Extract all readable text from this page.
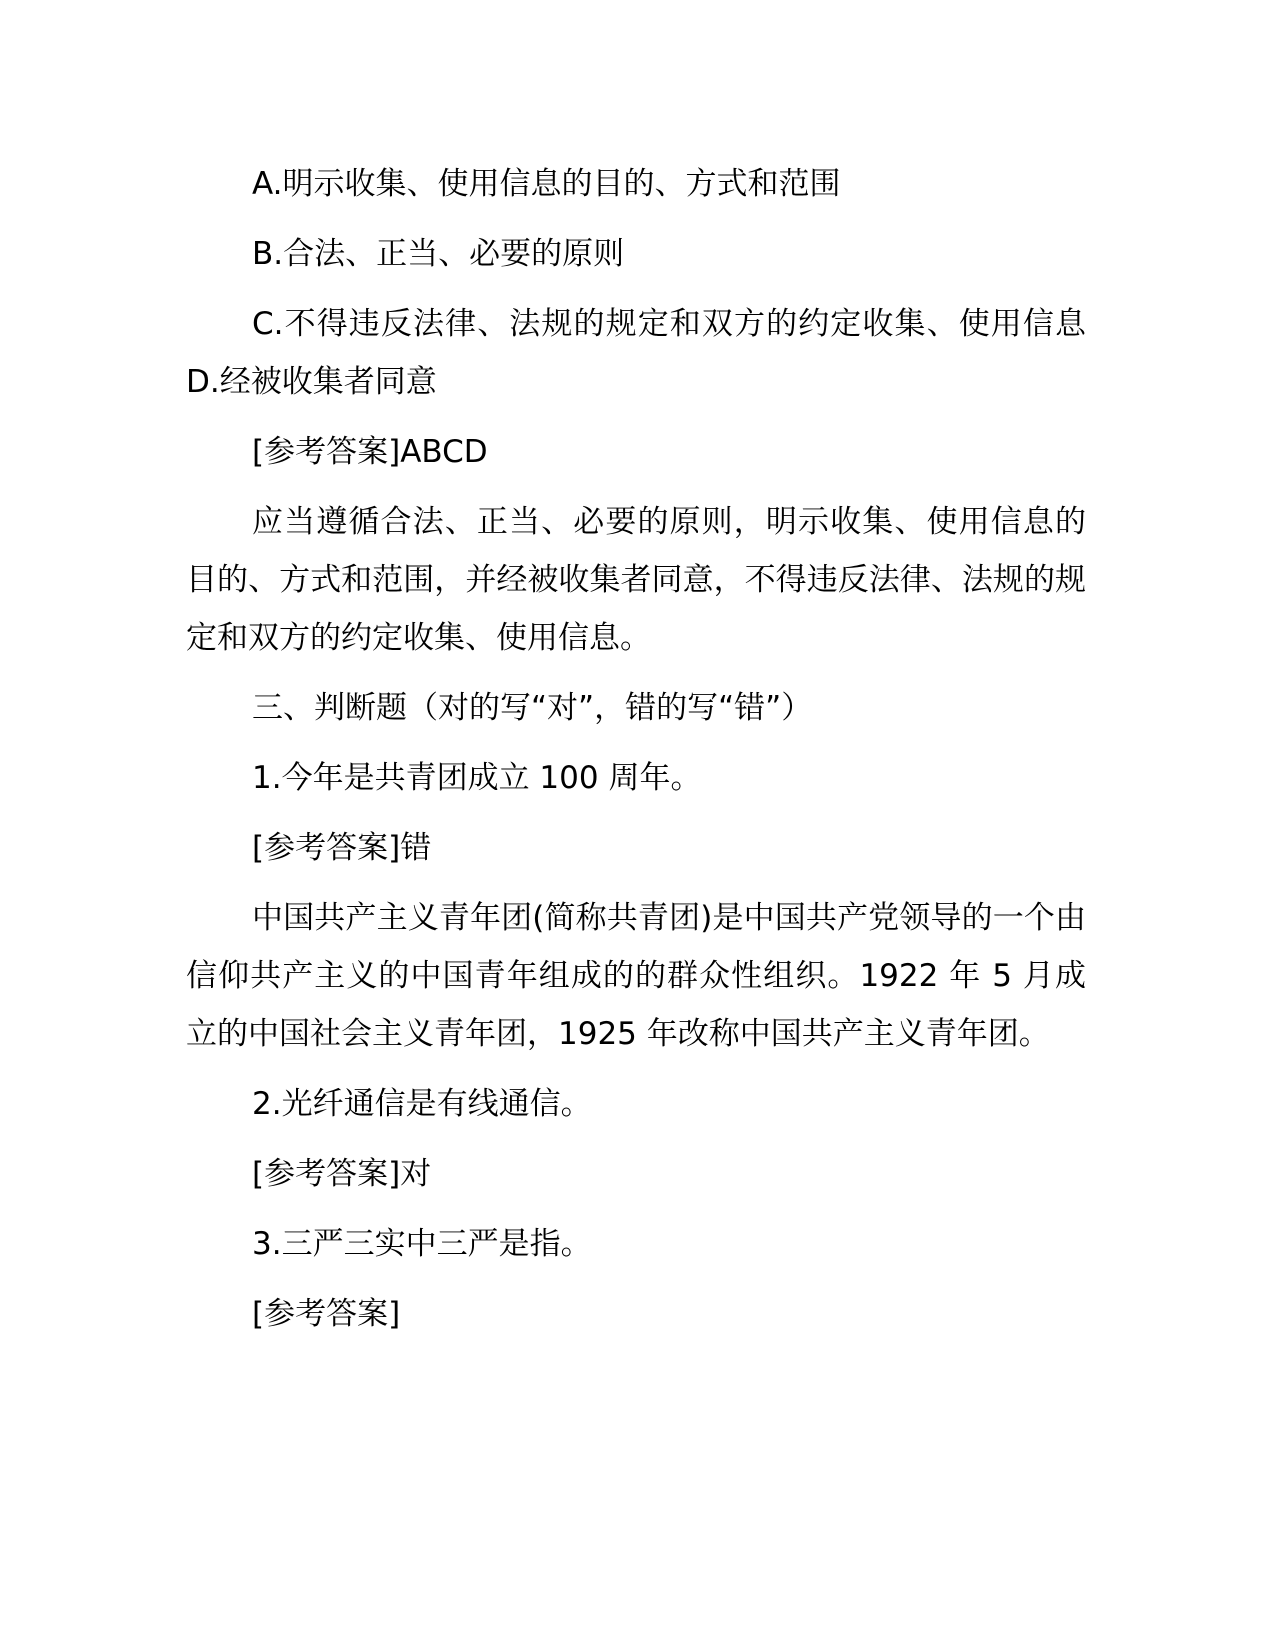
A.明示收集、使用信息的目的、方式和范围

B.合法、正当、必要的原则

C.不得违反法律、法规的规定和双方的约定收集、使用信息 D.经被收集者同意

[参考答案]ABCD

应当遵循合法、正当、必要的原则，明示收集、使用信息的目的、方式和范围，并经被收集者同意，不得违反法律、法规的规定和双方的约定收集、使用信息。

三、判断题（对的写“对”，错的写“错”）

1.今年是共青团成立 100 周年。

[参考答案]错

中国共产主义青年团(简称共青团)是中国共产党领导的一个由信仰共产主义的中国青年组成的的群众性组织。1922 年 5 月成立的中国社会主义青年团，1925 年改称中国共产主义青年团。

2.光纤通信是有线通信。

[参考答案]对

3.三严三实中三严是指。

[参考答案]
